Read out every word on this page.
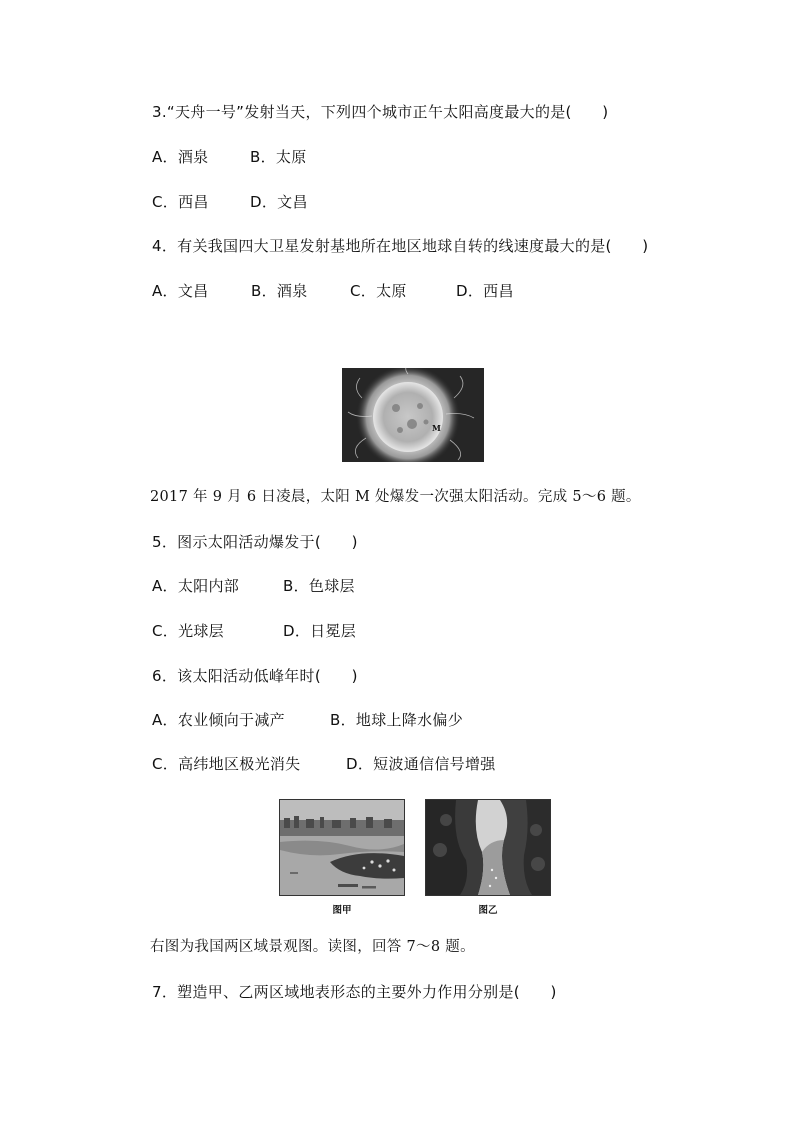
3.“天舟一号”发射当天，下列四个城市正午太阳高度最大的是(　　)
A．酒泉	B．太原
C．西昌	D．文昌
4．有关我国四大卫星发射基地所在地区地球自转的线速度最大的是(　　)
A．文昌	B．酒泉	C．太原	D．西昌
M
2017 年 9 月 6 日凌晨，太阳 M 处爆发一次强太阳活动。完成 5～6 题。
5．图示太阳活动爆发于(　　)
A．太阳内部	B．色球层
C．光球层	D．日冕层
6．该太阳活动低峰年时(　　)
A．农业倾向于减产	B．地球上降水偏少
C．高纬地区极光消失	D．短波通信信号增强
图甲	图乙
右图为我国两区域景观图。读图，回答 7～8 题。
7．塑造甲、乙两区域地表形态的主要外力作用分别是(　　)
